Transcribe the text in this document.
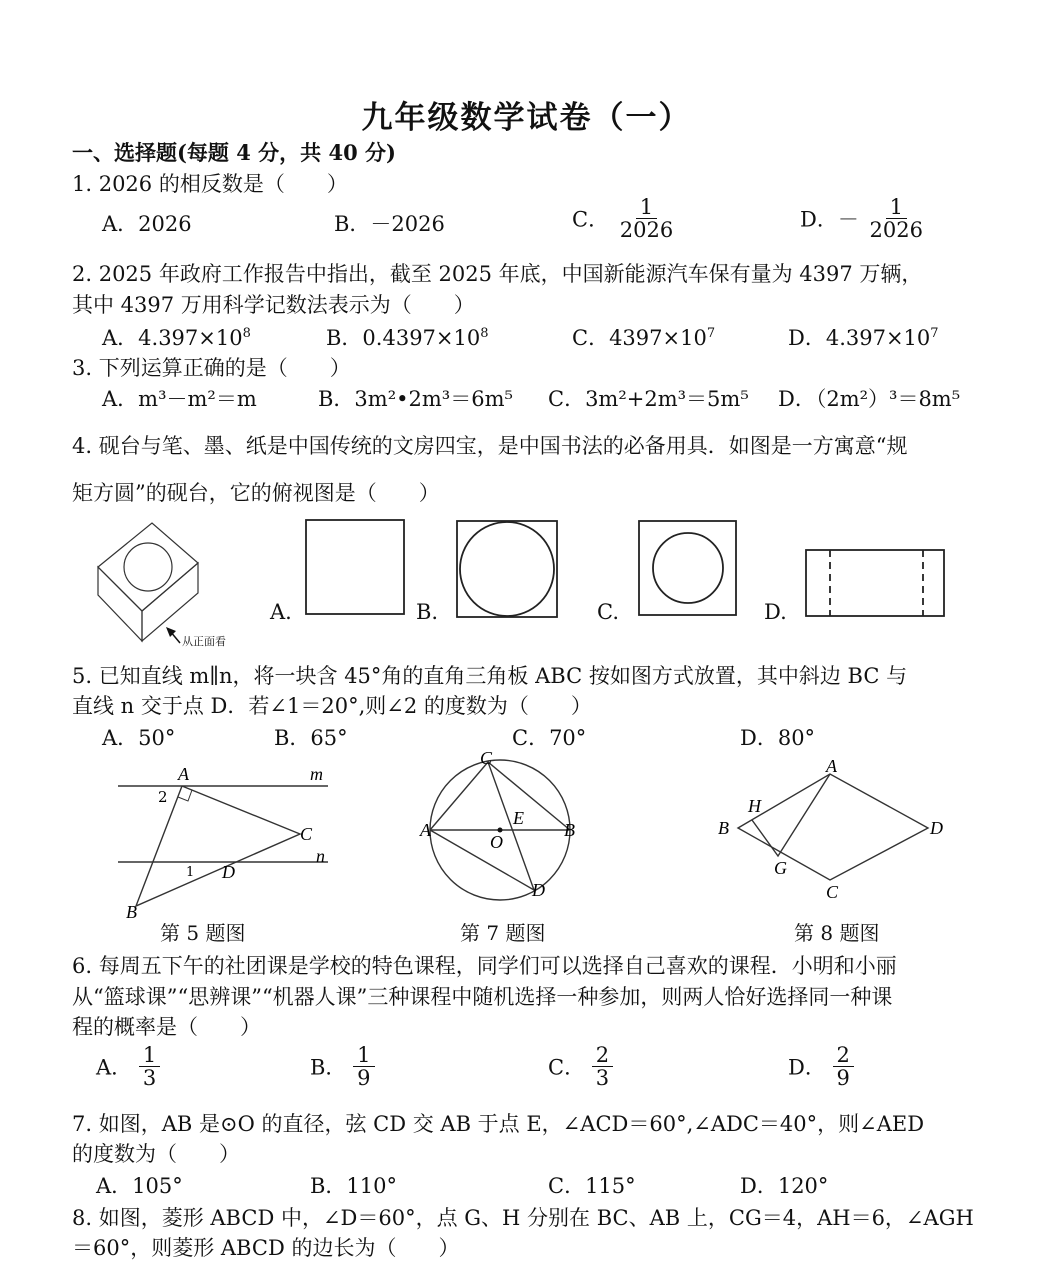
九年级数学试卷（一）
一、选择题(每题 4 分，共 40 分)
1. 2026 的相反数是（　　）
A．2026	B．－2026	C． $\frac{1}{2026}$	D．－ $\frac{1}{2026}$
2. 2025 年政府工作报告中指出，截至 2025 年底，中国新能源汽车保有量为 4397 万辆，
其中 4397 万用科学记数法表示为（　　）
A．$4.397\times 10^8$	B．$0.4397\times 10^8$	C．$4397\times 10^7$	D．$4.397\times 10^7$
3. 下列运算正确的是（　　）
A．m³－m²＝m	B．3m²•2m³＝6m⁵ C．3m²+2m³＝5m⁵ D．（2m²）³＝8m⁵
4. 砚台与笔、墨、纸是中国传统的文房四宝，是中国书法的必备用具．如图是一方寓意“规
矩方圆”的砚台，它的俯视图是（　　）
从正面看
A.	B.	C.	D.
5. 已知直线 m∥n，将一块含 45°角的直角三角板 ABC 按如图方式放置，其中斜边 BC 与
直线 n 交于点 D．若∠1＝20°,则∠2 的度数为（　　）
A．50°	B．65°	C．70°	D．80°
A
B
C
D
m
n
1
2
第 5 题图
A	B
C
D
E
O
第 7 题图
A
B
C
D
G
H
第 8 题图
6. 每周五下午的社团课是学校的特色课程，同学们可以选择自己喜欢的课程．小明和小丽
从“篮球课”“思辨课”“机器人课”三种课程中随机选择一种参加，则两人恰好选择同一种课
程的概率是（　　）
A． $\frac{1}{3}$	B． $\frac{1}{9}$	C． $\frac{2}{3}$	D． $\frac{2}{9}$
7. 如图，AB 是⊙O 的直径，弦 CD 交 AB 于点 E，∠ACD＝60°,∠ADC＝40°，则∠AED
的度数为（　　）
A．105°	B．110°	C．115°	D．120°
8. 如图，菱形 ABCD 中，∠D＝60°，点 G、H 分别在 BC、AB 上，CG＝4，AH＝6，∠AGH
＝60°，则菱形 ABCD 的边长为（　　）
